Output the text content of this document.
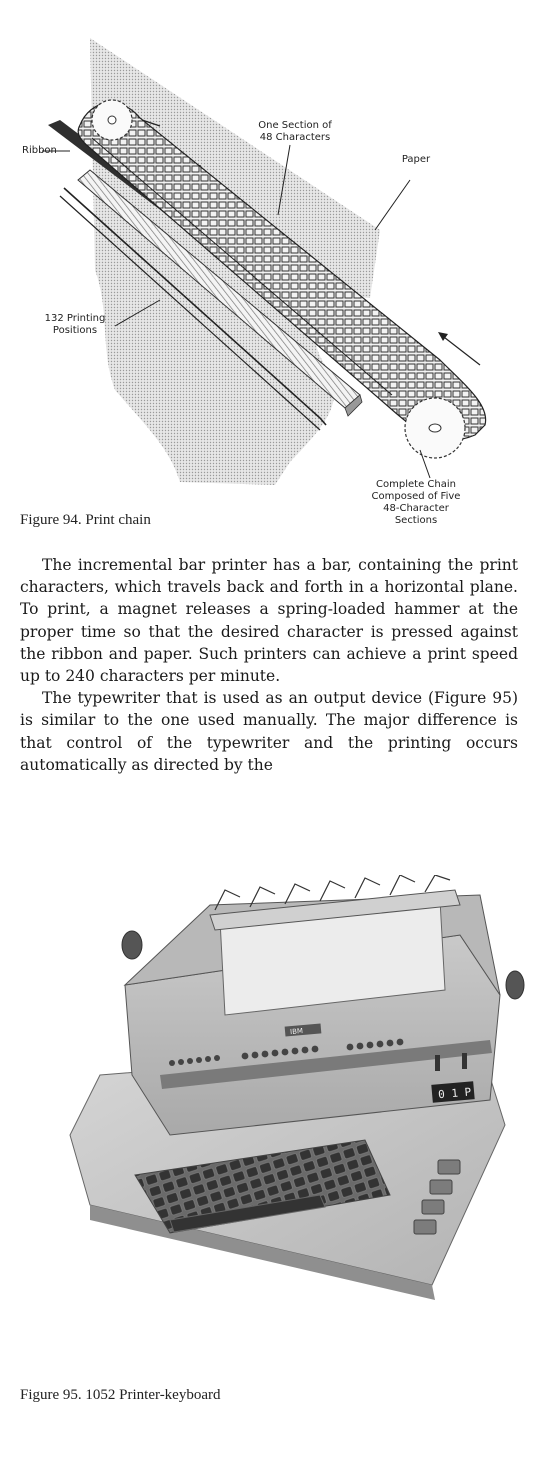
Ribbon
One Section of
48 Characters
Paper
132 Printing
Positions
Complete Chain
Composed of Five
48-Character
Sections
Figure 94. Print chain

The incremental bar printer has a bar, containing the print characters, which travels back and forth in a horizontal plane. To print, a magnet releases a spring-loaded hammer at the proper time so that the desired character is pressed against the ribbon and paper. Such printers can achieve a print speed up to 240 characters per minute.

The typewriter that is used as an output device (Figure 95) is similar to the one used manually. The major difference is that control of the typewriter and the printing occurs automatically as directed by the

IBM
0 1 P
Figure 95. 1052 Printer-keyboard
